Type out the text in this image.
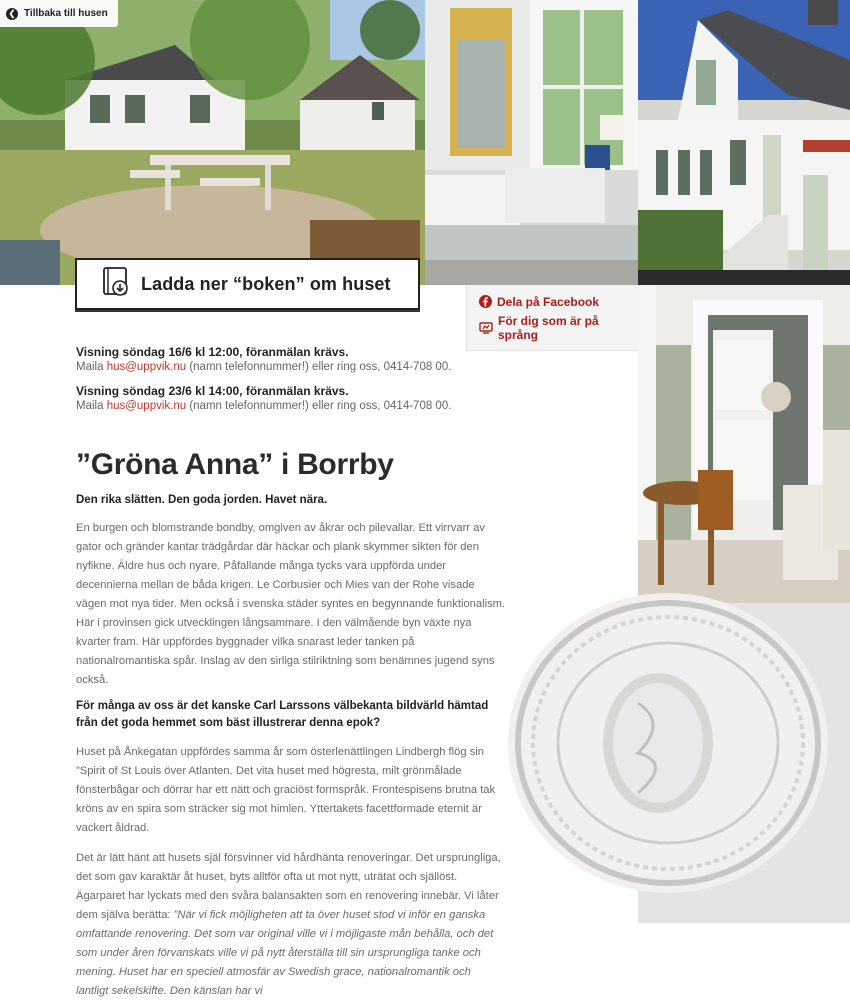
❮ Tillbaka till husen
Ladda ner “boken” om huset
Dela på Facebook
För dig som är på språng
Visning söndag 16/6 kl 12:00, föranmälan krävs.
Maila hus@uppvik.nu (namn telefonnummer!) eller ring oss, 0414-708 00.
Visning söndag 23/6 kl 14:00, föranmälan krävs.
Maila hus@uppvik.nu (namn telefonnummer!) eller ring oss, 0414-708 00.
”Gröna Anna” i Borrby

Den rika slätten. Den goda jorden. Havet nära.

En burgen och blomstrande bondby, omgiven av åkrar och pilevallar. Ett virrvarr av gator och gränder kantar trädgårdar där häckar och plank skymmer sikten för den nyfikne. Äldre hus och nyare. Påfallande många tycks vara uppförda under decennierna mellan de båda krigen. Le Corbusier och Mies van der Rohe visade vägen mot nya tider. Men också i svenska städer syntes en begynnande funktionalism. Här i provinsen gick utvecklingen långsammare. I den välmående byn växte nya kvarter fram. Här uppfördes byggnader vilka snarast leder tanken på nationalromantiska spår. Inslag av den sirliga stilriktning som benämnes jugend syns också.

För många av oss är det kanske Carl Larssons välbekanta bildvärld hämtad från det goda hemmet som bäst illustrerar denna epok?

Huset på Ånkegatan uppfördes samma år som österlenättlingen Lindbergh flög sin ”Spirit of St Louis över Atlanten. Det vita huset med högresta, milt grönmålade fönsterbågar och dörrar har ett nätt och graciöst formspråk. Frontespisens brutna tak kröns av en spira som sträcker sig mot himlen. Yttertakets facettformade eternit är vackert åldrad.

Det är lätt hänt att husets själ försvinner vid hårdhänta renoveringar. Det ursprungliga, det som gav karaktär åt huset, byts alltför ofta ut mot nytt, uträtat och själlöst. Ägarparet har lyckats med den svåra balansakten som en renovering innebär. Vi låter dem själva berätta: ”När vi fick möjligheten att ta över huset stod vi inför en ganska omfattande renovering. Det som var original ville vi i möjligaste mån behålla, och det som under åren förvanskats ville vi på nytt återställa till sin ursprungliga tanke och mening. Huset har en speciell atmosfär av Swedish grace, nationalromantik och lantligt sekelskifte. Den känslan har vi
